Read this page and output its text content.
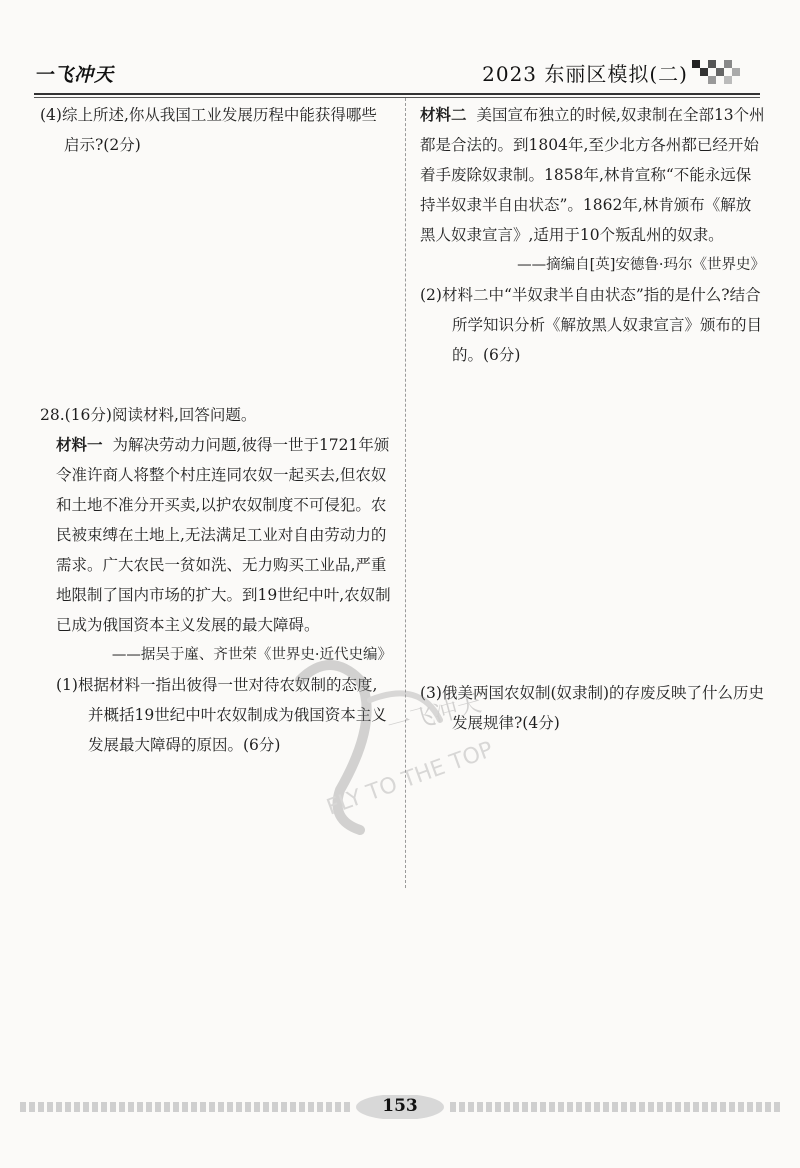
一飞冲天	2023 东丽区模拟(二)

(4)综上所述,你从我国工业发展历程中能获得哪些启示?(2分)

28.(16分)阅读材料,回答问题。

材料一 为解决劳动力问题,彼得一世于1721年颁令准许商人将整个村庄连同农奴一起买去,但农奴和土地不准分开买卖,以护农奴制度不可侵犯。农民被束缚在土地上,无法满足工业对自由劳动力的需求。广大农民一贫如洗、无力购买工业品,严重地限制了国内市场的扩大。到19世纪中叶,农奴制已成为俄国资本主义发展的最大障碍。

——据吴于廑、齐世荣《世界史·近代史编》

(1)根据材料一指出彼得一世对待农奴制的态度,并概括19世纪中叶农奴制成为俄国资本主义发展最大障碍的原因。(6分)

材料二 美国宣布独立的时候,奴隶制在全部13个州都是合法的。到1804年,至少北方各州都已经开始着手废除奴隶制。1858年,林肯宣称“不能永远保持半奴隶半自由状态”。1862年,林肯颁布《解放黑人奴隶宣言》,适用于10个叛乱州的奴隶。

——摘编自[英]安德鲁·玛尔《世界史》

(2)材料二中“半奴隶半自由状态”指的是什么?结合所学知识分析《解放黑人奴隶宣言》颁布的目的。(6分)

(3)俄美两国农奴制(奴隶制)的存废反映了什么历史发展规律?(4分)

一飞冲天
FLY TO THE TOP
153
